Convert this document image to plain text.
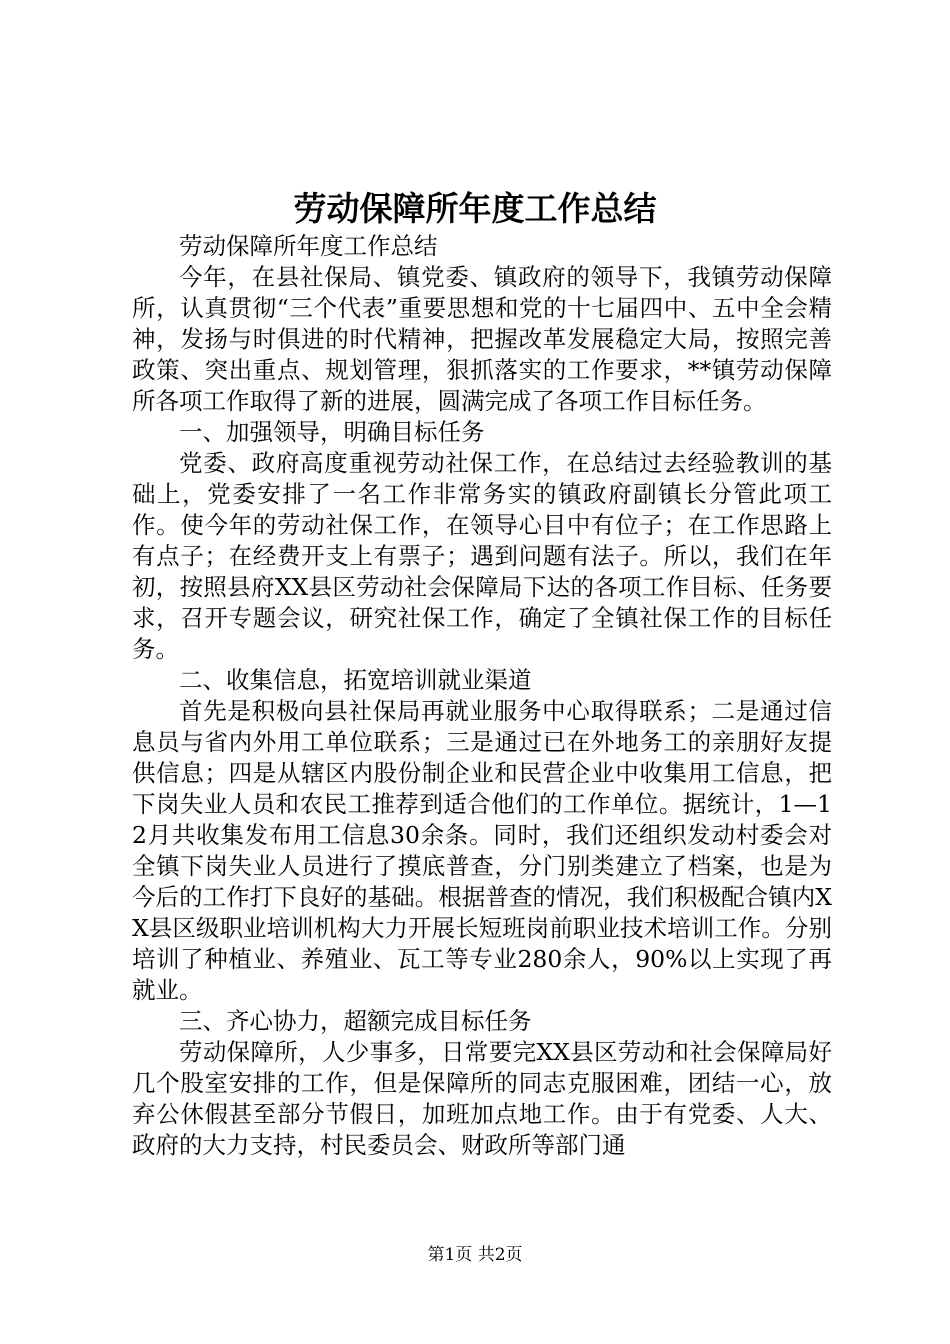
劳动保障所年度工作总结

劳动保障所年度工作总结

今年，在县社保局、镇党委、镇政府的领导下，我镇劳动保障所，认真贯彻“三个代表”重要思想和党的十七届四中、五中全会精神，发扬与时俱进的时代精神，把握改革发展稳定大局，按照完善政策、突出重点、规划管理，狠抓落实的工作要求，**镇劳动保障所各项工作取得了新的进展，圆满完成了各项工作目标任务。

一、加强领导，明确目标任务

党委、政府高度重视劳动社保工作，在总结过去经验教训的基础上，党委安排了一名工作非常务实的镇政府副镇长分管此项工作。使今年的劳动社保工作，在领导心目中有位子；在工作思路上有点子；在经费开支上有票子；遇到问题有法子。所以，我们在年初，按照县府XX县区劳动社会保障局下达的各项工作目标、任务要求，召开专题会议，研究社保工作，确定了全镇社保工作的目标任务。

二、收集信息，拓宽培训就业渠道

首先是积极向县社保局再就业服务中心取得联系；二是通过信息员与省内外用工单位联系；三是通过已在外地务工的亲朋好友提供信息；四是从辖区内股份制企业和民营企业中收集用工信息，把下岗失业人员和农民工推荐到适合他们的工作单位。据统计，1—12月共收集发布用工信息30余条。同时，我们还组织发动村委会对全镇下岗失业人员进行了摸底普查，分门别类建立了档案，也是为今后的工作打下良好的基础。根据普查的情况，我们积极配合镇内XX县区级职业培训机构大力开展长短班岗前职业技术培训工作。分别培训了种植业、养殖业、瓦工等专业280余人，90%以上实现了再就业。

三、齐心协力，超额完成目标任务

劳动保障所，人少事多，日常要完XX县区劳动和社会保障局好几个股室安排的工作，但是保障所的同志克服困难，团结一心，放弃公休假甚至部分节假日，加班加点地工作。由于有党委、人大、政府的大力支持，村民委员会、财政所等部门通

第1页 共2页
